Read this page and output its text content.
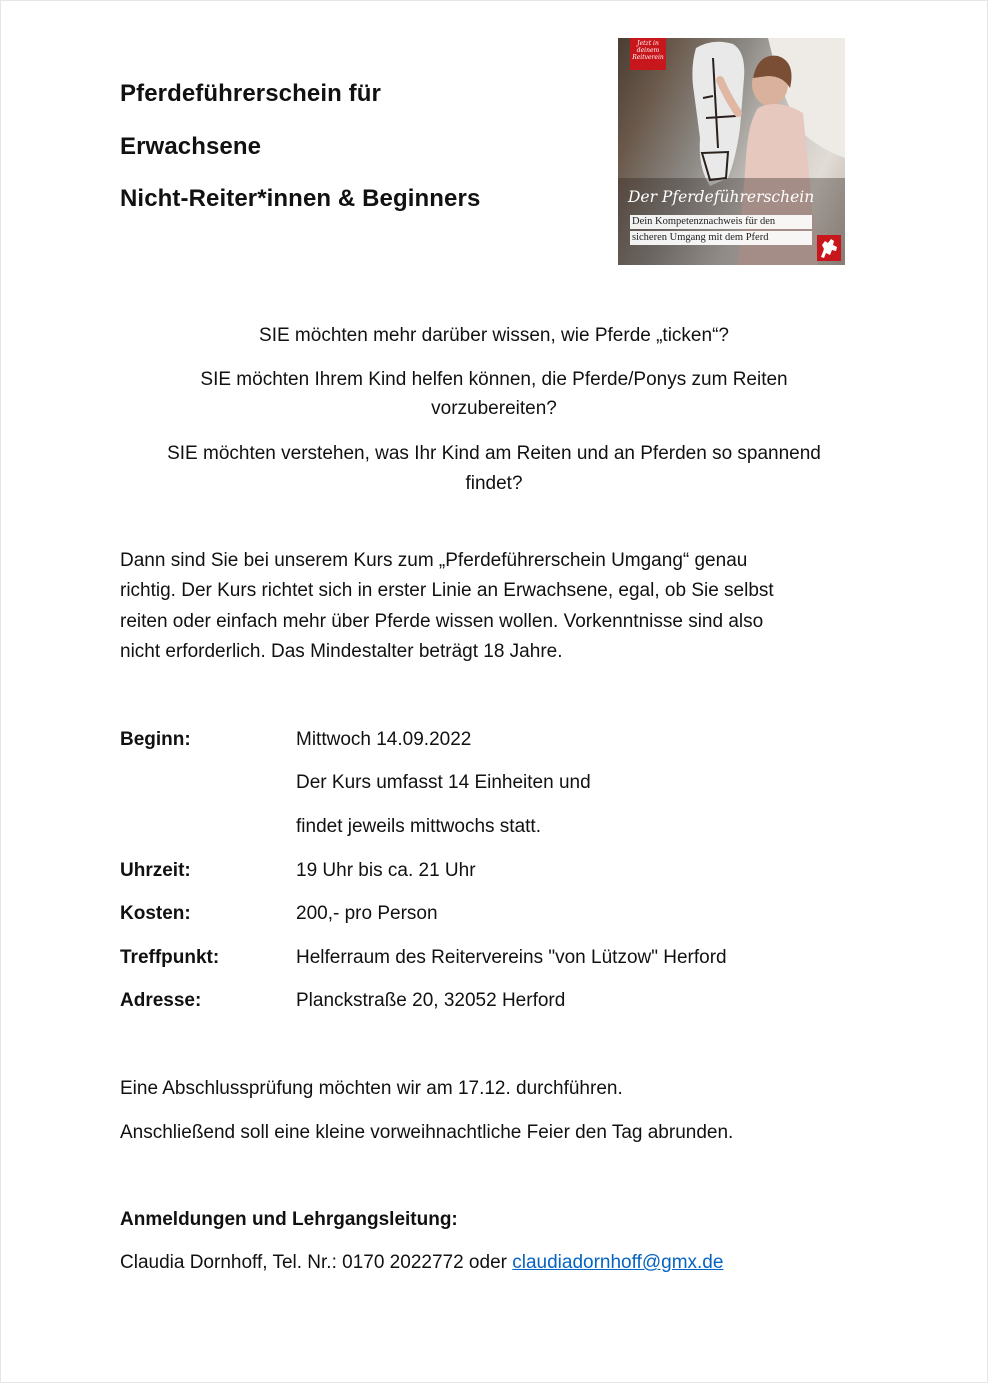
Pferdeführerschein für
Erwachsene
Nicht-Reiter*innen & Beginners
Jetzt in
deinem
Reitverein
Der Pferdeführerschein
Dein Kompetenznachweis für den
sicheren Umgang mit dem Pferd

SIE möchten mehr darüber wissen, wie Pferde „ticken“?

SIE möchten Ihrem Kind helfen können, die Pferde/Ponys zum Reiten

vorzubereiten?

SIE möchten verstehen, was Ihr Kind am Reiten und an Pferden so spannend

findet?

Dann sind Sie bei unserem Kurs zum „Pferdeführerschein Umgang“ genau
richtig. Der Kurs richtet sich in erster Linie an Erwachsene, egal, ob Sie selbst
reiten oder einfach mehr über Pferde wissen wollen. Vorkenntnisse sind also
nicht erforderlich. Das Mindestalter beträgt 18 Jahre.
Beginn:	Mittwoch 14.09.2022
Der Kurs umfasst 14 Einheiten und
findet jeweils mittwochs statt.
Uhrzeit:	19 Uhr bis ca. 21 Uhr
Kosten:	200,- pro Person
Treffpunkt:	Helferraum des Reitervereins "von Lützow" Herford
Adresse:	Planckstraße 20, 32052 Herford
Eine Abschlussprüfung möchten wir am 17.12. durchführen.
Anschließend soll eine kleine vorweihnachtliche Feier den Tag abrunden.
Anmeldungen und Lehrgangsleitung:
Claudia Dornhoff, Tel. Nr.: 0170 2022772 oder claudiadornhoff@gmx.de
